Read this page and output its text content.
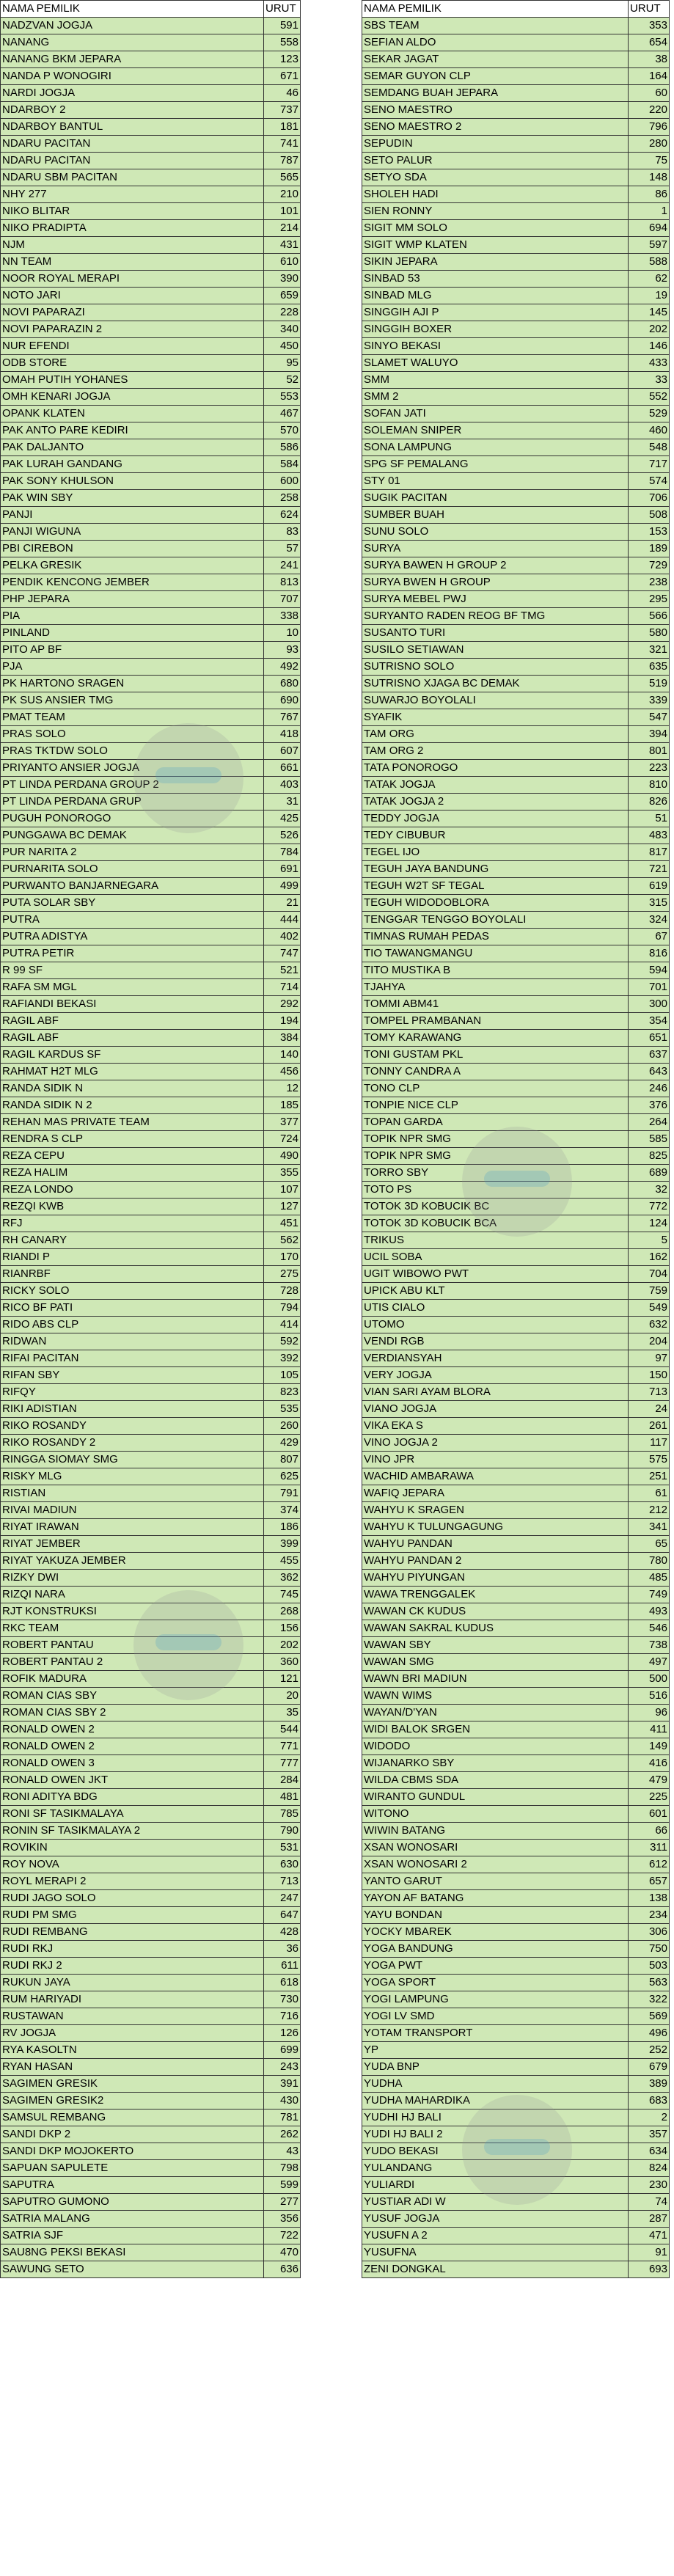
NAMA PEMILIK	URUT
NADZVAN JOGJA	591
NANANG	558
NANANG BKM JEPARA	123
NANDA P WONOGIRI	671
NARDI JOGJA	46
NDARBOY 2	737
NDARBOY BANTUL	181
NDARU PACITAN	741
NDARU PACITAN	787
NDARU SBM PACITAN	565
NHY 277	210
NIKO BLITAR	101
NIKO PRADIPTA	214
NJM	431
NN TEAM	610
NOOR ROYAL MERAPI	390
NOTO JARI	659
NOVI PAPARAZI	228
NOVI PAPARAZIN 2	340
NUR EFENDI	450
ODB STORE	95
OMAH PUTIH YOHANES	52
OMH KENARI JOGJA	553
OPANK KLATEN	467
PAK ANTO PARE KEDIRI	570
PAK DALJANTO	586
PAK LURAH GANDANG	584
PAK SONY KHULSON	600
PAK WIN SBY	258
PANJI	624
PANJI WIGUNA	83
PBI CIREBON	57
PELKA GRESIK	241
PENDIK KENCONG JEMBER	813
PHP JEPARA	707
PIA	338
PINLAND	10
PITO AP BF	93
PJA	492
PK HARTONO SRAGEN	680
PK SUS ANSIER TMG	690
PMAT TEAM	767
PRAS SOLO	418
PRAS TKTDW SOLO	607
PRIYANTO ANSIER JOGJA	661
PT LINDA PERDANA GROUP 2	403
PT LINDA PERDANA GRUP	31
PUGUH PONOROGO	425
PUNGGAWA BC DEMAK	526
PUR NARITA 2	784
PURNARITA SOLO	691
PURWANTO BANJARNEGARA	499
PUTA SOLAR SBY	21
PUTRA	444
PUTRA ADISTYA	402
PUTRA PETIR	747
R 99 SF	521
RAFA SM MGL	714
RAFIANDI BEKASI	292
RAGIL ABF	194
RAGIL ABF	384
RAGIL KARDUS SF	140
RAHMAT H2T MLG	456
RANDA SIDIK N	12
RANDA SIDIK N 2	185
REHAN MAS PRIVATE TEAM	377
RENDRA S CLP	724
REZA CEPU	490
REZA HALIM	355
REZA LONDO	107
REZQI KWB	127
RFJ	451
RH CANARY	562
RIANDI P	170
RIANRBF	275
RICKY SOLO	728
RICO BF PATI	794
RIDO ABS CLP	414
RIDWAN	592
RIFAI PACITAN	392
RIFAN SBY	105
RIFQY	823
RIKI ADISTIAN	535
RIKO ROSANDY	260
RIKO ROSANDY 2	429
RINGGA SIOMAY SMG	807
RISKY MLG	625
RISTIAN	791
RIVAI MADIUN	374
RIYAT IRAWAN	186
RIYAT JEMBER	399
RIYAT YAKUZA JEMBER	455
RIZKY DWI	362
RIZQI NARA	745
RJT KONSTRUKSI	268
RKC TEAM	156
ROBERT PANTAU	202
ROBERT PANTAU 2	360
ROFIK MADURA	121
ROMAN CIAS SBY	20
ROMAN CIAS SBY 2	35
RONALD OWEN 2	544
RONALD OWEN 2	771
RONALD OWEN 3	777
RONALD OWEN JKT	284
RONI ADITYA BDG	481
RONI SF TASIKMALAYA	785
RONIN SF TASIKMALAYA 2	790
ROVIKIN	531
ROY NOVA	630
ROYL MERAPI 2	713
RUDI JAGO SOLO	247
RUDI PM SMG	647
RUDI REMBANG	428
RUDI RKJ	36
RUDI RKJ 2	611
RUKUN JAYA	618
RUM HARIYADI	730
RUSTAWAN	716
RV JOGJA	126
RYA KASOLTN	699
RYAN HASAN	243
SAGIMEN GRESIK	391
SAGIMEN GRESIK2	430
SAMSUL REMBANG	781
SANDI DKP 2	262
SANDI DKP MOJOKERTO	43
SAPUAN SAPULETE	798
SAPUTRA	599
SAPUTRO GUMONO	277
SATRIA MALANG	356
SATRIA SJF	722
SAU8NG PEKSI BEKASI	470
SAWUNG SETO	636
NAMA PEMILIK	URUT
SBS TEAM	353
SEFIAN ALDO	654
SEKAR JAGAT	38
SEMAR GUYON CLP	164
SEMDANG BUAH JEPARA	60
SENO MAESTRO	220
SENO MAESTRO 2	796
SEPUDIN	280
SETO PALUR	75
SETYO SDA	148
SHOLEH HADI	86
SIEN RONNY	1
SIGIT MM SOLO	694
SIGIT WMP KLATEN	597
SIKIN JEPARA	588
SINBAD 53	62
SINBAD MLG	19
SINGGIH AJI P	145
SINGGIH BOXER	202
SINYO BEKASI	146
SLAMET WALUYO	433
SMM	33
SMM 2	552
SOFAN JATI	529
SOLEMAN SNIPER	460
SONA LAMPUNG	548
SPG SF PEMALANG	717
STY 01	574
SUGIK PACITAN	706
SUMBER BUAH	508
SUNU SOLO	153
SURYA	189
SURYA BAWEN H GROUP 2	729
SURYA BWEN H GROUP	238
SURYA MEBEL PWJ	295
SURYANTO RADEN REOG BF TMG	566
SUSANTO TURI	580
SUSILO SETIAWAN	321
SUTRISNO SOLO	635
SUTRISNO XJAGA BC DEMAK	519
SUWARJO BOYOLALI	339
SYAFIK	547
TAM ORG	394
TAM ORG 2	801
TATA PONOROGO	223
TATAK JOGJA	810
TATAK JOGJA 2	826
TEDDY JOGJA	51
TEDY CIBUBUR	483
TEGEL IJO	817
TEGUH JAYA BANDUNG	721
TEGUH W2T SF TEGAL	619
TEGUH WIDODOBLORA	315
TENGGAR TENGGO BOYOLALI	324
TIMNAS RUMAH PEDAS	67
TIO TAWANGMANGU	816
TITO MUSTIKA B	594
TJAHYA	701
TOMMI ABM41	300
TOMPEL PRAMBANAN	354
TOMY KARAWANG	651
TONI GUSTAM PKL	637
TONNY CANDRA A	643
TONO CLP	246
TONPIE NICE CLP	376
TOPAN GARDA	264
TOPIK NPR SMG	585
TOPIK NPR SMG	825
TORRO SBY	689
TOTO PS	32
TOTOK 3D KOBUCIK BC	772
TOTOK 3D KOBUCIK BCA	124
TRIKUS	5
UCIL SOBA	162
UGIT WIBOWO PWT	704
UPICK ABU KLT	759
UTIS CIALO	549
UTOMO	632
VENDI RGB	204
VERDIANSYAH	97
VERY JOGJA	150
VIAN SARI AYAM BLORA	713
VIANO JOGJA	24
VIKA EKA S	261
VINO JOGJA 2	117
VINO JPR	575
WACHID AMBARAWA	251
WAFIQ JEPARA	61
WAHYU K SRAGEN	212
WAHYU K TULUNGAGUNG	341
WAHYU PANDAN	65
WAHYU PANDAN 2	780
WAHYU PIYUNGAN	485
WAWA TRENGGALEK	749
WAWAN CK KUDUS	493
WAWAN SAKRAL KUDUS	546
WAWAN SBY	738
WAWAN SMG	497
WAWN BRI MADIUN	500
WAWN WIMS	516
WAYAN/D'YAN	96
WIDI BALOK SRGEN	411
WIDODO	149
WIJANARKO SBY	416
WILDA CBMS SDA	479
WIRANTO GUNDUL	225
WITONO	601
WIWIN BATANG	66
XSAN WONOSARI	311
XSAN WONOSARI 2	612
YANTO GARUT	657
YAYON AF BATANG	138
YAYU BONDAN	234
YOCKY MBAREK	306
YOGA BANDUNG	750
YOGA PWT	503
YOGA SPORT	563
YOGI LAMPUNG	322
YOGI LV SMD	569
YOTAM TRANSPORT	496
YP	252
YUDA BNP	679
YUDHA	389
YUDHA MAHARDIKA	683
YUDHI HJ BALI	2
YUDI HJ BALI 2	357
YUDO BEKASI	634
YULANDANG	824
YULIARDI	230
YUSTIAR ADI W	74
YUSUF JOGJA	287
YUSUFN A 2	471
YUSUFNA	91
ZENI DONGKAL	693
